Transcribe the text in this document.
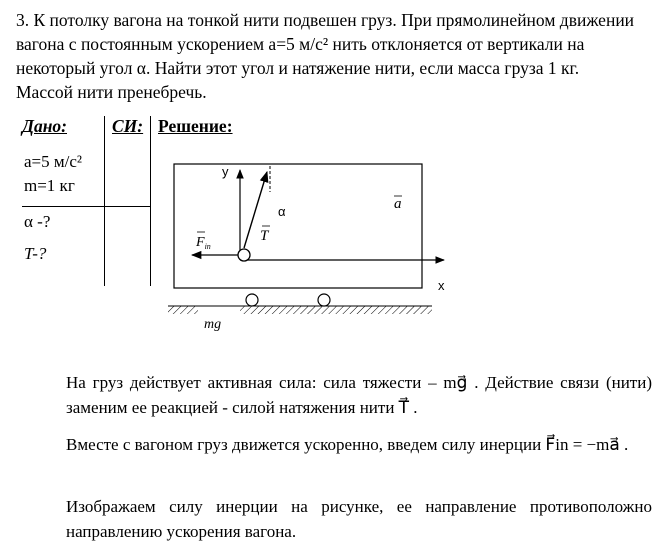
3. К потолку вагона на тонкой нити подвешен груз. При прямолинейном движении вагона с постоянным ускорением a=5 м/с² нить отклоняется от вертикали на некоторый угол α. Найти этот угол и натяжение нити, если масса груза 1 кг. Массой нити пренебречь.
Дано:	СИ: Решение:
a=5 м/с²
m=1 кг
α -?
T-?
y
x
α
T
$F_{in}$
a
mg
На груз действует активная сила: сила тяжести – mg⃗ . Действие связи (нити) заменим ее реакцией - силой натяжения нити T⃗ .
Вместе с вагоном груз движется ускоренно, введем силу инерции F⃗in = −ma⃗ .
Изображаем силу инерции на рисунке, ее направление противоположно направлению ускорения вагона.
